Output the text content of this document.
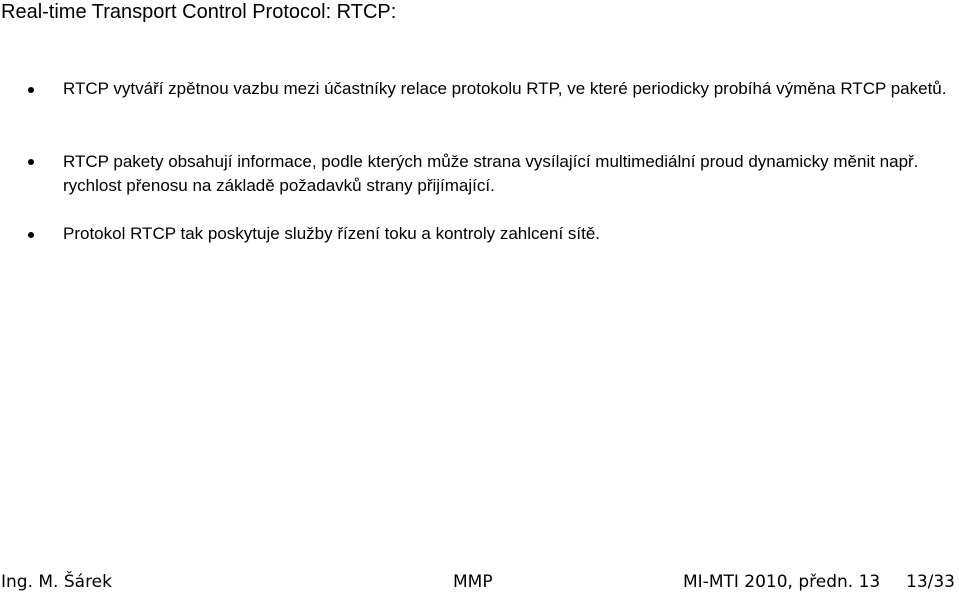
Real-time Transport Control Protocol: RTCP:
RTCP vytváří zpětnou vazbu mezi účastníky relace protokolu RTP, ve které periodicky probíhá výměna RTCP paketů.
RTCP pakety obsahují informace, podle kterých může strana vysílající multimediální proud dynamicky měnit např. rychlost přenosu na základě požadavků strany přijímající.
Protokol RTCP tak poskytuje služby řízení toku a kontroly zahlcení sítě.
Ing. M. Šárek	MMP	MI-MTI 2010, předn. 13 13/33
